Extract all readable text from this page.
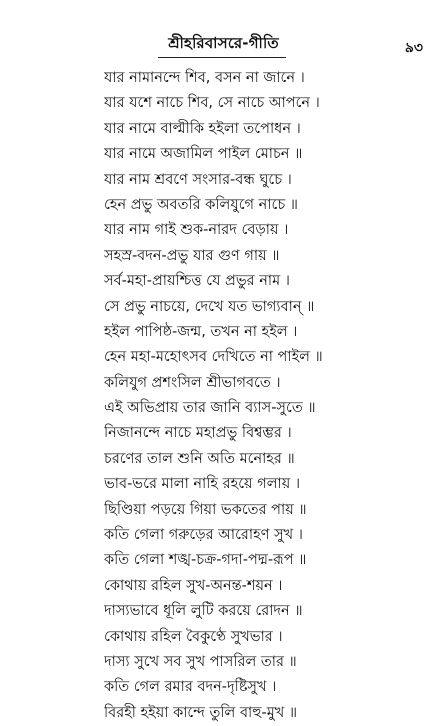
শ্রীহরিবাসরে-গীতি	৯৩
যার নামানন্দে শিব, বসন না জানে ।
যার যশে নাচে শিব, সে নাচে আপনে ।
যার নামে বাল্মীকি হইলা তপোধন ।
যার নামে অজামিল পাইল মোচন ॥
যার নাম শ্রবণে সংসার-বন্ধ ঘুচে ।
হেন প্রভু অবতরি কলিযুগে নাচে ॥
যার নাম গাই শুক-নারদ বেড়ায় ।
সহস্র-বদন-প্রভু যার গুণ গায় ॥
সর্ব-মহা-প্রায়শ্চিত্ত যে প্রভুর নাম ।
সে প্রভু নাচয়ে, দেখে যত ভাগ্যবান্ ॥
হইল পাপিষ্ঠ-জন্ম, তখন না হইল ।
হেন মহা-মহোৎসব দেখিতে না পাইল ॥
কলিযুগ প্রশংসিল শ্রীভাগবতে ।
এই অভিপ্রায় তার জানি ব্যাস-সুতে ॥
নিজানন্দে নাচে মহাপ্রভু বিশ্বম্ভর ।
চরণের তাল শুনি অতি মনোহর ॥
ভাব-ভরে মালা নাহি রহয়ে গলায় ।
ছিণ্ডিয়া পড়য়ে গিয়া ভকতের পায় ॥
কতি গেলা গরুড়ের আরোহণ সুখ ।
কতি গেলা শঙ্খ-চক্র-গদা-পদ্ম-রূপ ॥
কোথায় রহিল সুখ-অনন্ত-শয়ন ।
দাস্যভাবে ধূলি লুটি করয়ে রোদন ॥
কোথায় রহিল বৈকুণ্ঠে সুখভার ।
দাস্য সুখে সব সুখ পাসরিল তার ॥
কতি গেল রমার বদন-দৃষ্টিসুখ ।
বিরহী হইয়া কান্দে তুলি বাহু-মুখ ॥
